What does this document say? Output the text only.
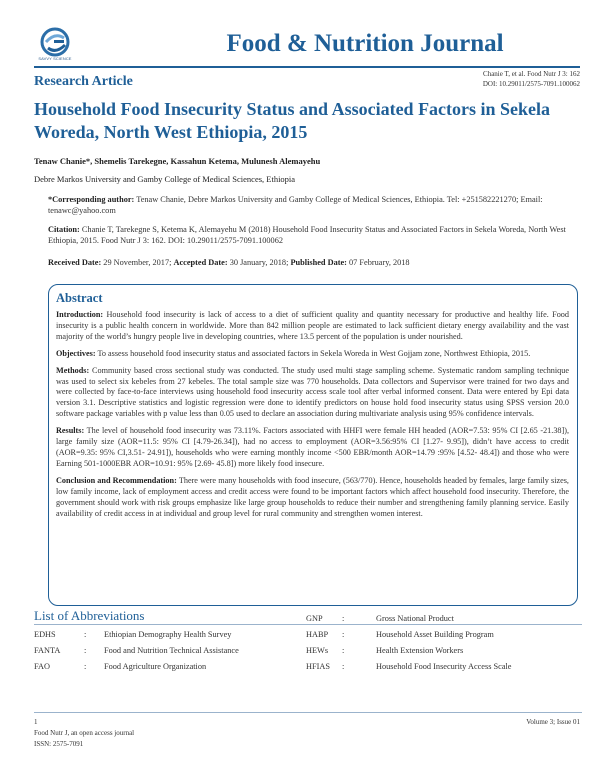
SAVVY SCIENCE
Food & Nutrition Journal
Research Article	Chanie T, et al. Food Nutr J 3: 162
DOI: 10.29011/2575-7091.100062
Household Food Insecurity Status and Associated Factors in Sekela Woreda, North West Ethiopia, 2015
Tenaw Chanie*, Shemelis Tarekegne, Kassahun Ketema, Mulunesh Alemayehu
Debre Markos University and Gamby College of Medical Sciences, Ethiopia
*Corresponding author: Tenaw Chanie, Debre Markos University and Gamby College of Medical Sciences, Ethiopia. Tel: +251582221270; Email: tenawc@yahoo.com
Citation: Chanie T, Tarekegne S, Ketema K, Alemayehu M (2018) Household Food Insecurity Status and Associated Factors in Sekela Woreda, North West Ethiopia, 2015. Food Nutr J 3: 162. DOI: 10.29011/2575-7091.100062
Received Date: 29 November, 2017; Accepted Date: 30 January, 2018; Published Date: 07 February, 2018
Abstract

Introduction: Household food insecurity is lack of access to a diet of sufficient quality and quantity necessary for productive and healthy life. Food insecurity is a public health concern in worldwide. More than 842 million people are estimated to lack sufficient dietary energy availability and the vast majority of the world’s hungry people live in developing countries, where 13.5 percent of the population is under nourished.

Objectives: To assess household food insecurity status and associated factors in Sekela Woreda in West Gojjam zone, Northwest Ethiopia, 2015.

Methods: Community based cross sectional study was conducted. The study used multi stage sampling scheme. Systematic random sampling technique was used to select six kebeles from 27 kebeles. The total sample size was 770 households. Data collectors and Supervisor were trained for two days and were collected by face-to-face interviews using household food insecurity access scale tool after verbal informed consent. Data were entered by Epi data version 3.1. Descriptive statistics and logistic regression were done to identify predictors on house hold food insecurity status using SPSS version 20.0 software package variables with p value less than 0.05 used to declare an association during multivariate analysis using 95% confidence intervals.

Results: The level of household food insecurity was 73.11%. Factors associated with HHFI were female HH headed (AOR=7.53: 95% CI [2.65 -21.38]), large family size (AOR=11.5: 95% CI [4.79-26.34]), had no access to employment (AOR=3.56:95% CI [1.27- 9.95]), didn’t have access to credit (AOR=9.35: 95% CI,3.51- 24.91]), households who were earning monthly income <500 EBR/month AOR=14.79 :95% [4.52- 48.4]) and those who were Earning 501-1000EBR AOR=10.91: 95% [2.69- 45.8]) more likely food insecure.

Conclusion and Recommendation: There were many households with food insecure, (563/770). Hence, households headed by females, large family sizes, low family income, lack of employment access and credit access were found to be important factors which affect household food insecurity. Therefore, the government should work with risk groups emphasize like large group households to reduce their number and strengthening family planning service. Easily availability of credit access in at individual and group level for rural community and strengthen women interest.

List of Abbreviations
EDHS	: Ethiopian Demography Health Survey
FANTA	: Food and Nutrition Technical Assistance
FAO	: Food Agriculture Organization
GNP :	Gross National Product
HABP :	Household Asset Building Program
HEWs :	Health Extension Workers
HFIAS :	Household Food Insecurity Access Scale
1	Volume 3; Issue 01
Food Nutr J, an open access journal
ISSN: 2575-7091
